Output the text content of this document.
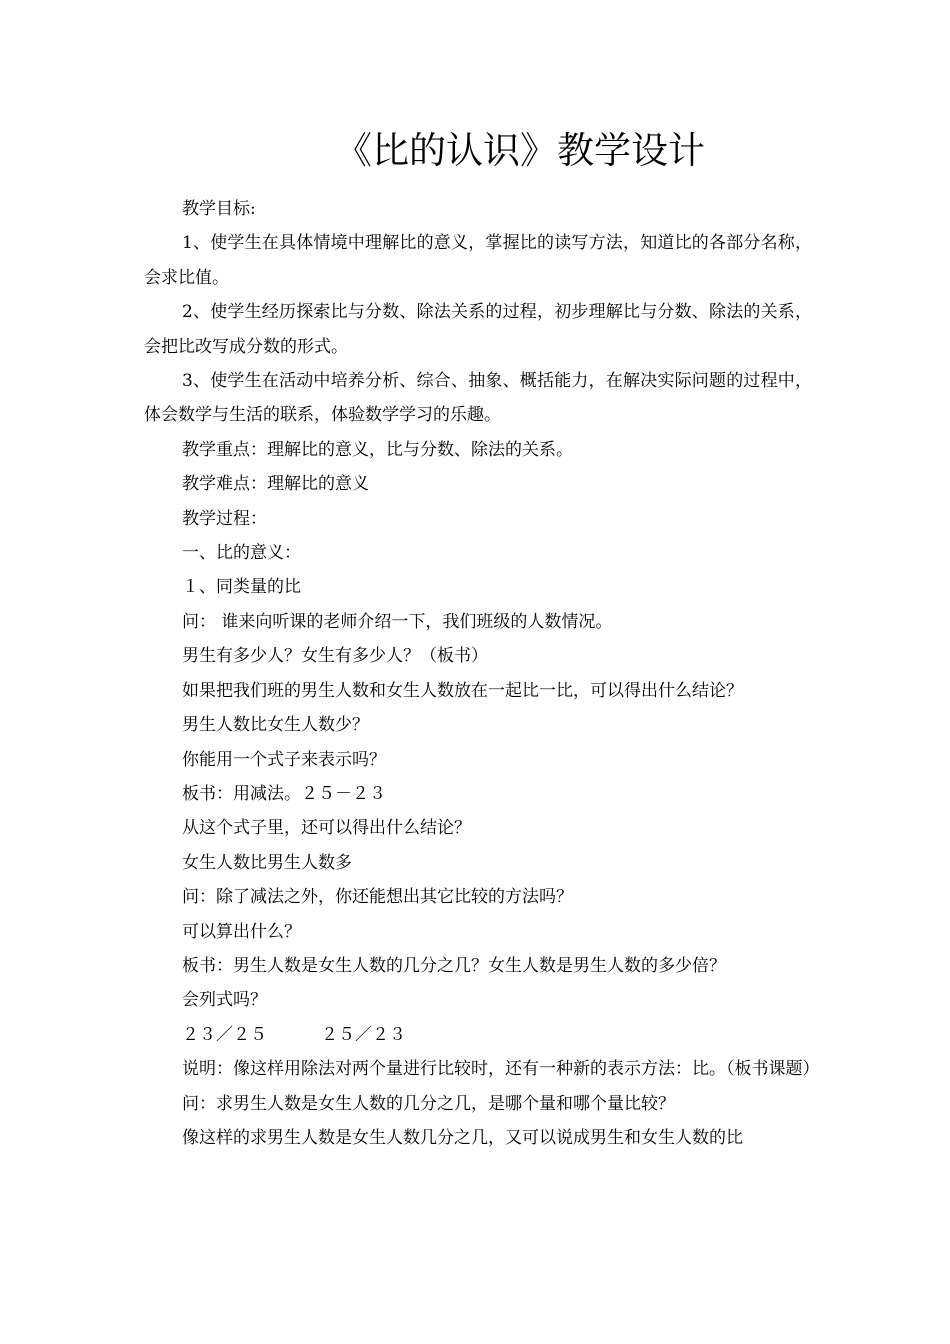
《比的认识》教学设计

教学目标:

1、使学生在具体情境中理解比的意义，掌握比的读写方法，知道比的各部分名称，会求比值。

2、使学生经历探索比与分数、除法关系的过程，初步理解比与分数、除法的关系，会把比改写成分数的形式。

3、使学生在活动中培养分析、综合、抽象、概括能力，在解决实际问题的过程中，体会数学与生活的联系，体验数学学习的乐趣。

教学重点：理解比的意义，比与分数、除法的关系。

教学难点：理解比的意义

教学过程：

一、比的意义：

１、同类量的比

问： 谁来向听课的老师介绍一下，我们班级的人数情况。

男生有多少人？女生有多少人？（板书）

如果把我们班的男生人数和女生人数放在一起比一比，可以得出什么结论？

男生人数比女生人数少？

你能用一个式子来表示吗？

板书：用减法。２５－２３

从这个式子里，还可以得出什么结论？

女生人数比男生人数多

问：除了减法之外，你还能想出其它比较的方法吗？

可以算出什么？

板书：男生人数是女生人数的几分之几？女生人数是男生人数的多少倍？

会列式吗？

２３／２５          ２５／２３

说明：像这样用除法对两个量进行比较时，还有一种新的表示方法：比。（板书课题）

问：求男生人数是女生人数的几分之几，是哪个量和哪个量比较？

像这样的求男生人数是女生人数几分之几，又可以说成男生和女生人数的比
